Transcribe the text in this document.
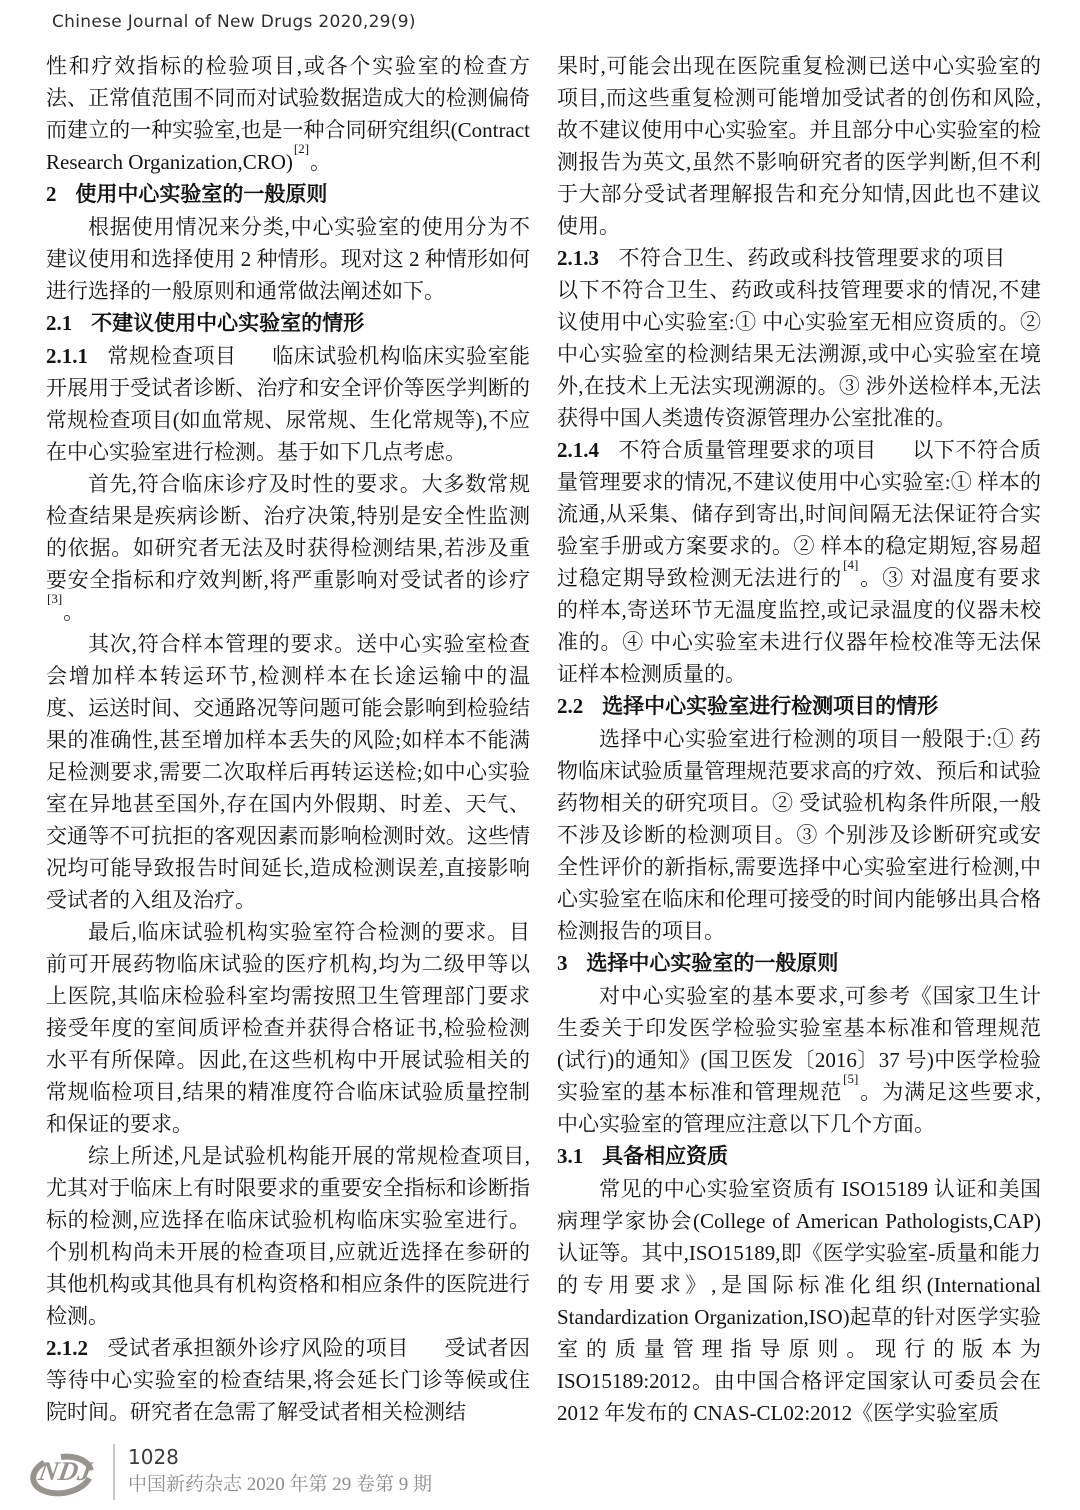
Chinese Journal of New Drugs 2020,29(9)

性和疗效指标的检验项目,或各个实验室的检查方法、正常值范围不同而对试验数据造成大的检测偏倚而建立的一种实验室,也是一种合同研究组织(Contract Research Organization,CRO)[2]。

2 使用中心实验室的一般原则

根据使用情况来分类,中心实验室的使用分为不建议使用和选择使用 2 种情形。现对这 2 种情形如何进行选择的一般原则和通常做法阐述如下。

2.1 不建议使用中心实验室的情形

2.1.1 常规检查项目 临床试验机构临床实验室能开展用于受试者诊断、治疗和安全评价等医学判断的常规检查项目(如血常规、尿常规、生化常规等),不应在中心实验室进行检测。基于如下几点考虑。

首先,符合临床诊疗及时性的要求。大多数常规检查结果是疾病诊断、治疗决策,特别是安全性监测的依据。如研究者无法及时获得检测结果,若涉及重要安全指标和疗效判断,将严重影响对受试者的诊疗[3]。

其次,符合样本管理的要求。送中心实验室检查会增加样本转运环节,检测样本在长途运输中的温度、运送时间、交通路况等问题可能会影响到检验结果的准确性,甚至增加样本丢失的风险;如样本不能满足检测要求,需要二次取样后再转运送检;如中心实验室在异地甚至国外,存在国内外假期、时差、天气、交通等不可抗拒的客观因素而影响检测时效。这些情况均可能导致报告时间延长,造成检测误差,直接影响受试者的入组及治疗。

最后,临床试验机构实验室符合检测的要求。目前可开展药物临床试验的医疗机构,均为二级甲等以上医院,其临床检验科室均需按照卫生管理部门要求接受年度的室间质评检查并获得合格证书,检验检测水平有所保障。因此,在这些机构中开展试验相关的常规临检项目,结果的精准度符合临床试验质量控制和保证的要求。

综上所述,凡是试验机构能开展的常规检查项目,尤其对于临床上有时限要求的重要安全指标和诊断指标的检测,应选择在临床试验机构临床实验室进行。个别机构尚未开展的检查项目,应就近选择在参研的其他机构或其他具有机构资格和相应条件的医院进行检测。

2.1.2 受试者承担额外诊疗风险的项目 受试者因等待中心实验室的检查结果,将会延长门诊等候或住院时间。研究者在急需了解受试者相关检测结

果时,可能会出现在医院重复检测已送中心实验室的项目,而这些重复检测可能增加受试者的创伤和风险,故不建议使用中心实验室。并且部分中心实验室的检测报告为英文,虽然不影响研究者的医学判断,但不利于大部分受试者理解报告和充分知情,因此也不建议使用。

2.1.3 不符合卫生、药政或科技管理要求的项目以下不符合卫生、药政或科技管理要求的情况,不建议使用中心实验室:① 中心实验室无相应资质的。② 中心实验室的检测结果无法溯源,或中心实验室在境外,在技术上无法实现溯源的。③ 涉外送检样本,无法获得中国人类遗传资源管理办公室批准的。

2.1.4 不符合质量管理要求的项目 以下不符合质量管理要求的情况,不建议使用中心实验室:① 样本的流通,从采集、储存到寄出,时间间隔无法保证符合实验室手册或方案要求的。② 样本的稳定期短,容易超过稳定期导致检测无法进行的[4]。③ 对温度有要求的样本,寄送环节无温度监控,或记录温度的仪器未校准的。④ 中心实验室未进行仪器年检校准等无法保证样本检测质量的。

2.2 选择中心实验室进行检测项目的情形

选择中心实验室进行检测的项目一般限于:① 药物临床试验质量管理规范要求高的疗效、预后和试验药物相关的研究项目。② 受试验机构条件所限,一般不涉及诊断的检测项目。③ 个别涉及诊断研究或安全性评价的新指标,需要选择中心实验室进行检测,中心实验室在临床和伦理可接受的时间内能够出具合格检测报告的项目。

3 选择中心实验室的一般原则

对中心实验室的基本要求,可参考《国家卫生计生委关于印发医学检验实验室基本标准和管理规范(试行)的通知》(国卫医发〔2016〕37 号)中医学检验实验室的基本标准和管理规范[5]。为满足这些要求,中心实验室的管理应注意以下几个方面。

3.1 具备相应资质

常见的中心实验室资质有 ISO15189 认证和美国病理学家协会(College of American Pathologists,CAP)认证等。其中,ISO15189,即《医学实验室-质量和能力的专用要求》,是国际标准化组织(International Standardization Organization,ISO)起草的针对医学实验室的质量管理指导原则。现行的版本为 ISO15189:2012。由中国合格评定国家认可委员会在 2012 年发布的 CNAS-CL02:2012《医学实验室质

NDJ 1028
中国新药杂志 2020 年第 29 卷第 9 期
